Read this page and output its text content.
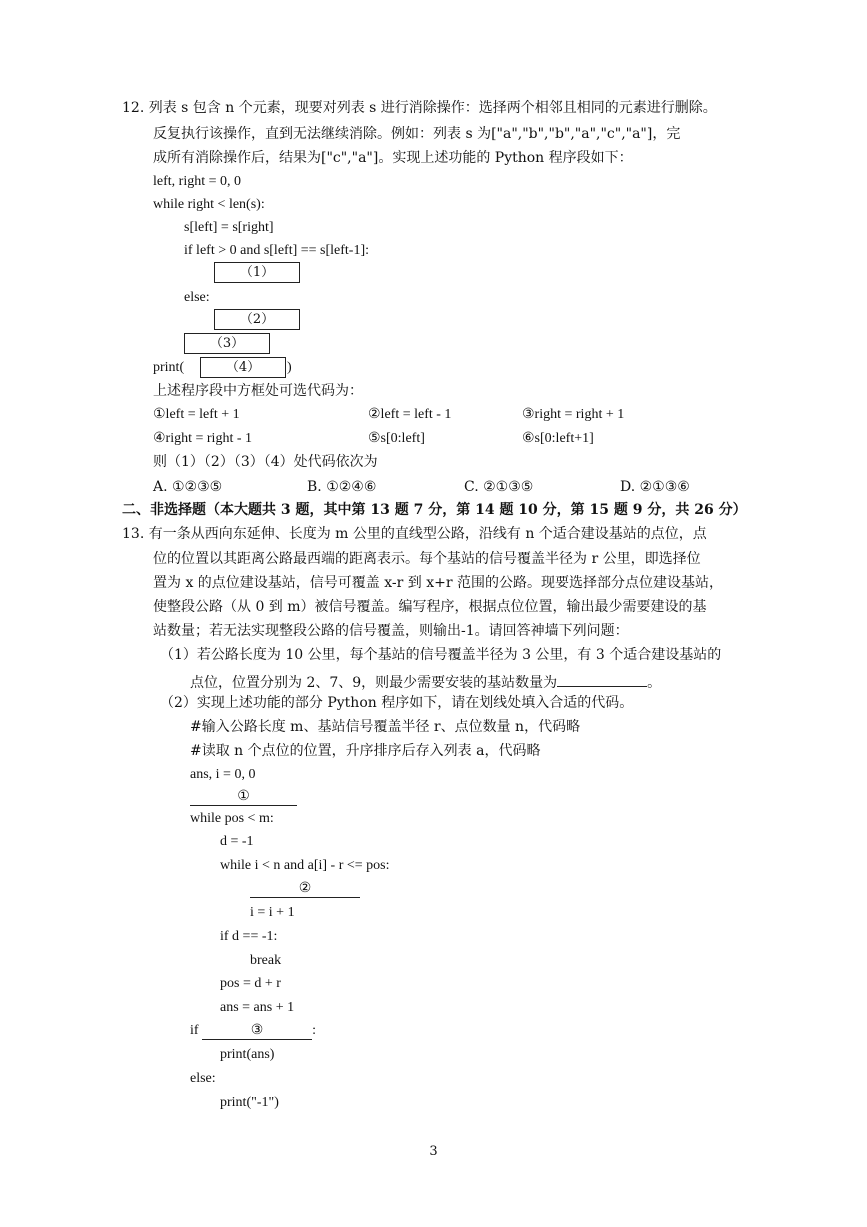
12. 列表 s 包含 n 个元素，现要对列表 s 进行消除操作：选择两个相邻且相同的元素进行删除。
反复执行该操作，直到无法继续消除。例如：列表 s 为["a","b","b","a","c","a"]，完
成所有消除操作后，结果为["c","a"]。实现上述功能的 Python 程序段如下：
left, right = 0, 0
while right < len(s):
s[left] = s[right]
if left > 0 and s[left] == s[left-1]:
（1）
else:
（2）
（3）
print(	（4）	)
上述程序段中方框处可选代码为：
①left = left + 1	②left = left - 1	③right = right + 1
④right = right - 1	⑤s[0:left]	⑥s[0:left+1]
则（1）（2）（3）（4）处代码依次为
A. ①②③⑤	B. ①②④⑥	C. ②①③⑤	D. ②①③⑥
二、非选择题（本大题共 3 题，其中第 13 题 7 分，第 14 题 10 分，第 15 题 9 分，共 26 分）
13. 有一条从西向东延伸、长度为 m 公里的直线型公路，沿线有 n 个适合建设基站的点位，点
位的位置以其距离公路最西端的距离表示。每个基站的信号覆盖半径为 r 公里，即选择位
置为 x 的点位建设基站，信号可覆盖 x-r 到 x+r 范围的公路。现要选择部分点位建设基站，
使整段公路（从 0 到 m）被信号覆盖。编写程序，根据点位位置，输出最少需要建设的基
站数量；若无法实现整段公路的信号覆盖，则输出-1。请回答神墙下列问题：
（1）若公路长度为 10 公里，每个基站的信号覆盖半径为 3 公里，有 3 个适合建设基站的
点位，位置分别为 2、7、9，则最少需要安装的基站数量为	。
（2）实现上述功能的部分 Python 程序如下，请在划线处填入合适的代码。
#输入公路长度 m、基站信号覆盖半径 r、点位数量 n，代码略
#读取 n 个点位的位置，升序排序后存入列表 a，代码略
ans, i = 0, 0
①
while pos < m:
d = -1
while i < n and a[i] - r <= pos:
②
i = i + 1
if d == -1:
break
pos = d + r
ans = ans + 1
if	③	:
print(ans)
else:
print("-1")
3
